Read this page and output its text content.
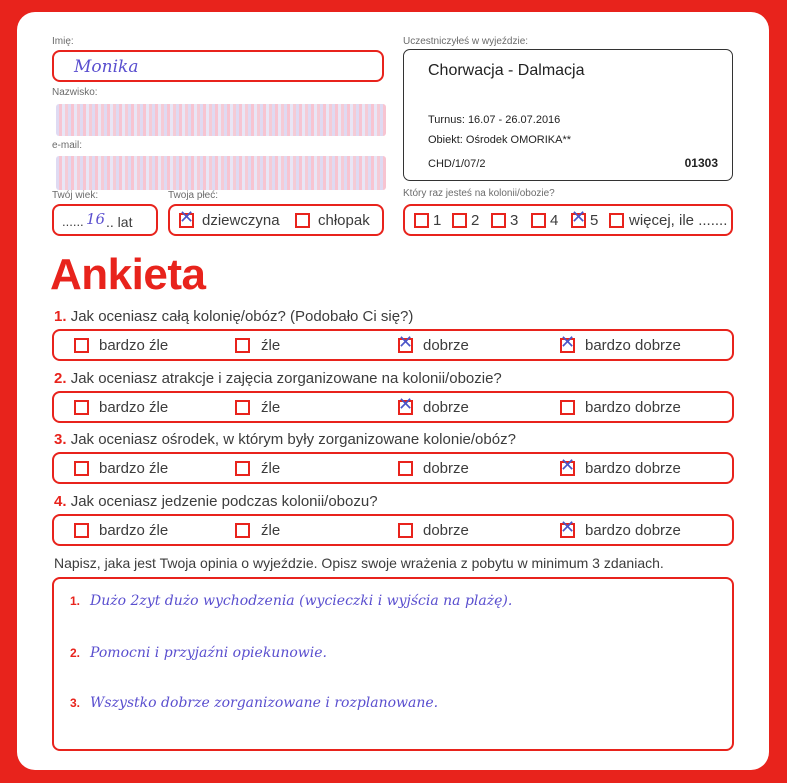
Imię:
Monika
Nazwisko:
e-mail:
Twój wiek:
...... 16 .. lat
Twoja płeć:
✕ dziewczyna	chłopak
Uczestniczyłeś w wyjeździe:
Chorwacja - Dalmacja
Turnus: 16.07 - 26.07.2016
Obiekt: Ośrodek OMORIKA**
CHD/1/07/2	01303
Który raz jesteś na kolonii/obozie?
1 2 3 4 ✕ 5 więcej, ile .......
Ankieta
1. Jak oceniasz całą kolonię/obóz? (Podobało Ci się?)
bardzo źle	źle	✕ dobrze	✕ bardzo dobrze
2. Jak oceniasz atrakcje i zajęcia zorganizowane na kolonii/obozie?
bardzo źle	źle	✕ dobrze	bardzo dobrze
3. Jak oceniasz ośrodek, w którym były zorganizowane kolonie/obóz?
bardzo źle	źle	dobrze	✕ bardzo dobrze
4. Jak oceniasz jedzenie podczas kolonii/obozu?
bardzo źle	źle	dobrze	✕ bardzo dobrze
Napisz, jaka jest Twoja opinia o wyjeździe. Opisz swoje wrażenia z pobytu w minimum 3 zdaniach.
1. Dużo 2zyt dużo wychodzenia (wycieczki i wyjścia na plażę).
2. Pomocni i przyjaźni opiekunowie.
3. Wszystko dobrze zorganizowane i rozplanowane.
